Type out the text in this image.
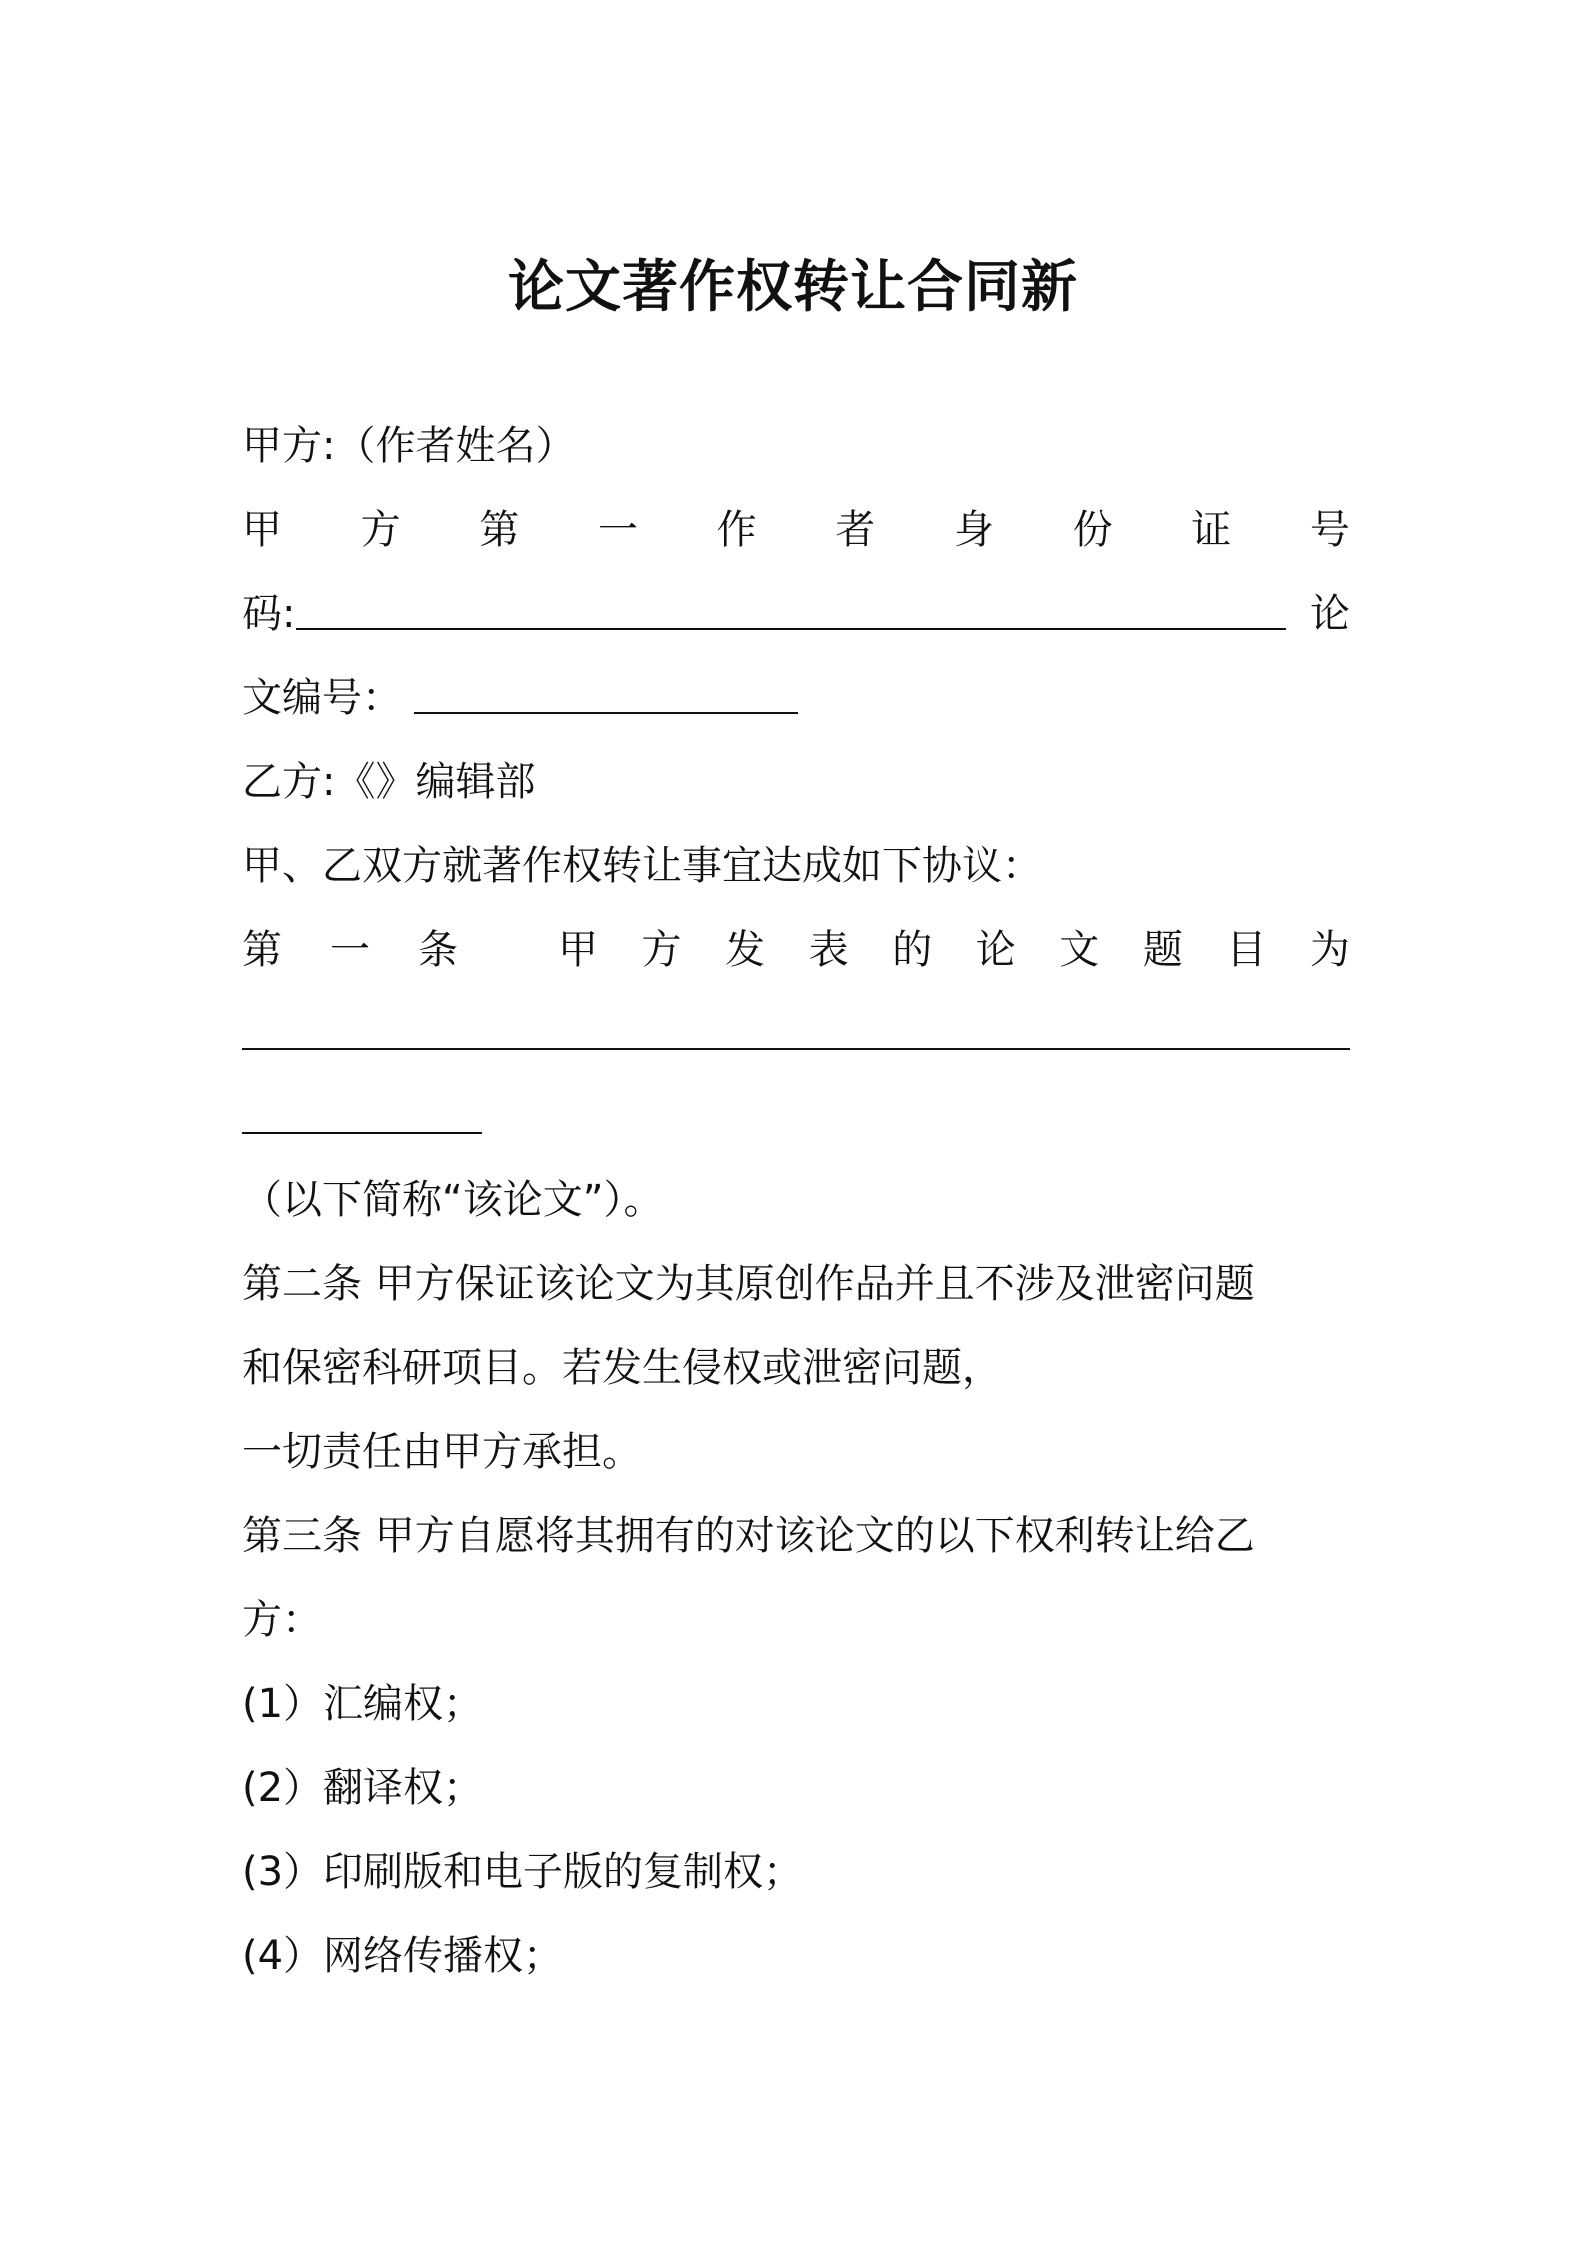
论文著作权转让合同新
甲方:（作者姓名）
甲 方 第 一 作 者 身 份 证 号
码:	论
文编号：
乙方:《》编辑部
甲、乙双方就著作权转让事宜达成如下协议：
第 一 条	甲 方 发 表 的 论 文 题 目 为
（以下简称“该论文”）。
第二条 甲方保证该论文为其原创作品并且不涉及泄密问题
和保密科研项目。若发生侵权或泄密问题，
一切责任由甲方承担。
第三条 甲方自愿将其拥有的对该论文的以下权利转让给乙
方：
(1）汇编权；
(2）翻译权；
(3）印刷版和电子版的复制权；
(4）网络传播权；
